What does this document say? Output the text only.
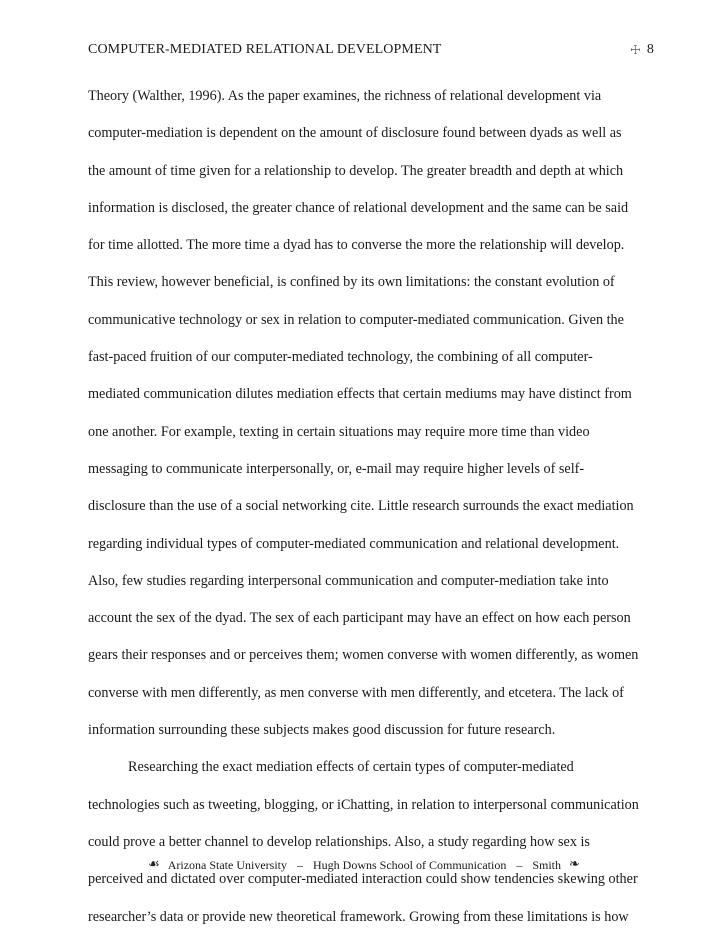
COMPUTER-MEDIATED RELATIONAL DEVELOPMENT	☩ 8
Theory (Walther, 1996). As the paper examines, the richness of relational development via
computer-mediation is dependent on the amount of disclosure found between dyads as well as
the amount of time given for a relationship to develop. The greater breadth and depth at which
information is disclosed, the greater chance of relational development and the same can be said
for time allotted. The more time a dyad has to converse the more the relationship will develop.
This review, however beneficial, is confined by its own limitations: the constant evolution of
communicative technology or sex in relation to computer-mediated communication. Given the
fast-paced fruition of our computer-mediated technology, the combining of all computer-
mediated communication dilutes mediation effects that certain mediums may have distinct from
one another. For example, texting in certain situations may require more time than video
messaging to communicate interpersonally, or, e-mail may require higher levels of self-
disclosure than the use of a social networking cite. Little research surrounds the exact mediation
regarding individual types of computer-mediated communication and relational development.
Also, few studies regarding interpersonal communication and computer-mediation take into
account the sex of the dyad. The sex of each participant may have an effect on how each person
gears their responses and or perceives them; women converse with women differently, as women
converse with men differently, as men converse with men differently, and etcetera. The lack of
information surrounding these subjects makes good discussion for future research.
Researching the exact mediation effects of certain types of computer-mediated
technologies such as tweeting, blogging, or iChatting, in relation to interpersonal communication
could prove a better channel to develop relationships. Also, a study regarding how sex is
perceived and dictated over computer-mediated interaction could show tendencies skewing other
researcher’s data or provide new theoretical framework. Growing from these limitations is how
☙ Arizona State University – Hugh Downs School of Communication – Smith ❧
